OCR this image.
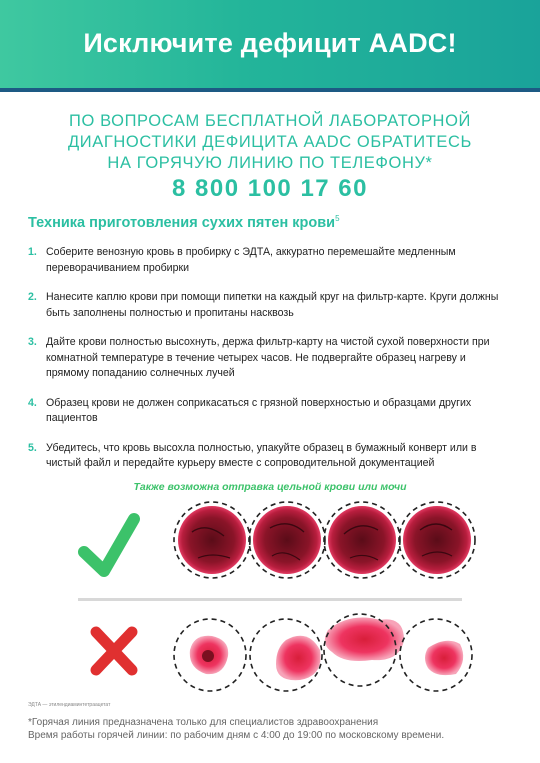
Исключите дефицит AADC!
ПО ВОПРОСАМ БЕСПЛАТНОЙ ЛАБОРАТОРНОЙ
ДИАГНОСТИКИ ДЕФИЦИТА AADC ОБРАТИТЕСЬ
НА ГОРЯЧУЮ ЛИНИЮ ПО ТЕЛЕФОНУ*
8 800 100 17 60
Техника приготовления сухих пятен крови$^5$
1. Соберите венозную кровь в пробирку с ЭДТА, аккуратно перемешайте медленным переворачиванием пробирки
2. Нанесите каплю крови при помощи пипетки на каждый круг на фильтр-карте. Круги должны быть заполнены полностью и пропитаны насквозь
3. Дайте крови полностью высохнуть, держа фильтр-карту на чистой сухой поверхности при комнатной температуре в течение четырех часов. Не подвергайте образец нагреву и прямому попаданию солнечных лучей
4. Образец крови не должен соприкасаться с грязной поверхностью и образцами других пациентов
5. Убедитесь, что кровь высохла полностью, упакуйте образец в бумажный конверт или в чистый файл и передайте курьеру вместе с сопроводительной документацией
Также возможна отправка цельной крови или мочи
ЭДТА — этилендиаминтетраацетат
*Горячая линия предназначена только для специалистов здравоохранения
Время работы горячей линии: по рабочим дням с 4:00 до 19:00 по московскому времени.
